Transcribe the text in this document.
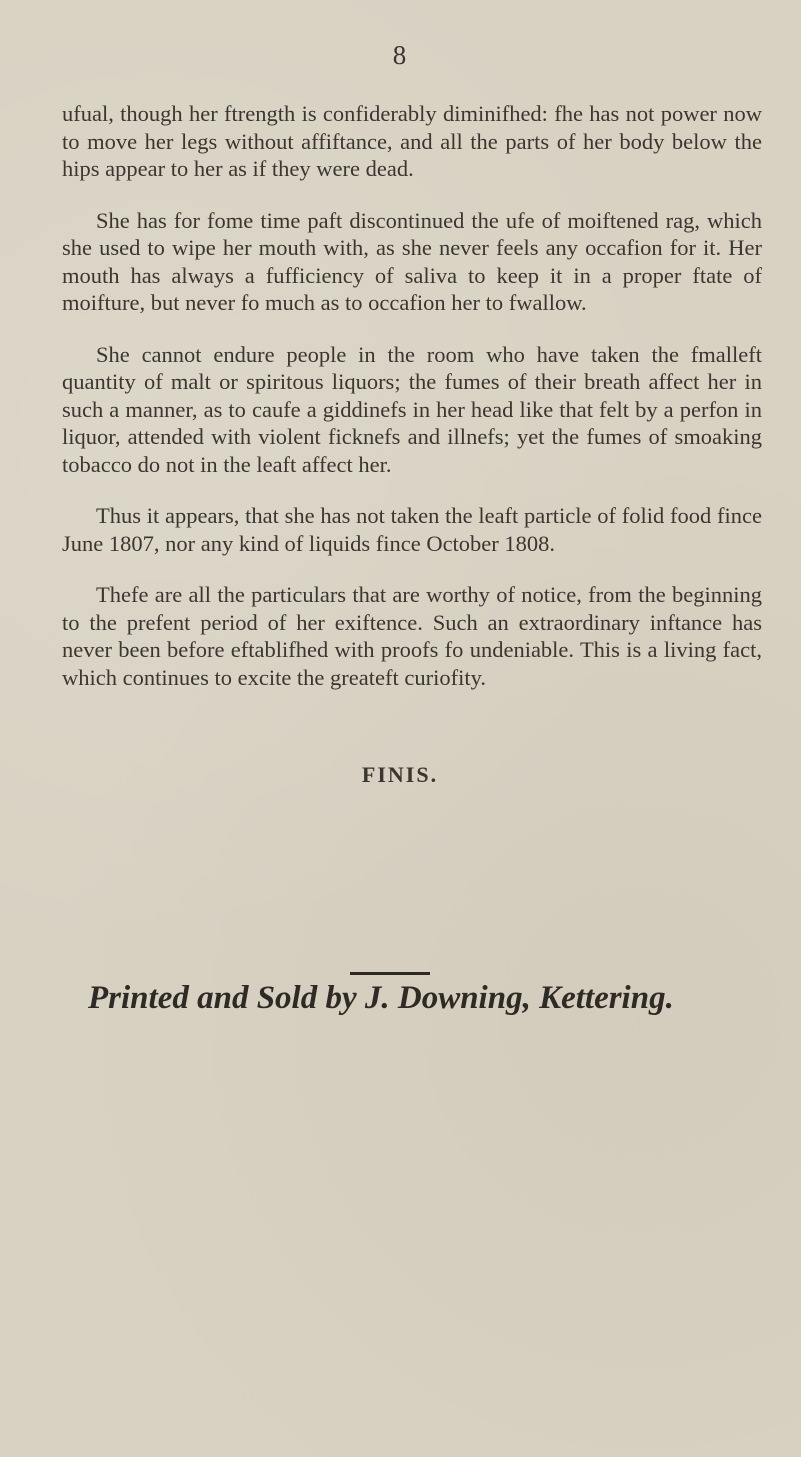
8

ufual, though her ftrength is confiderably diminifhed: fhe has not power now to move her legs without affiftance, and all the parts of her body below the hips appear to her as if they were dead.

She has for fome time paft discontinued the ufe of moiftened rag, which she used to wipe her mouth with, as she never feels any occafion for it. Her mouth has always a fufficiency of saliva to keep it in a proper ftate of moifture, but never fo much as to occafion her to fwallow.

She cannot endure people in the room who have taken the fmalleft quantity of malt or spiritous liquors; the fumes of their breath affect her in such a manner, as to caufe a giddinefs in her head like that felt by a perfon in liquor, attended with violent ficknefs and illnefs; yet the fumes of smoaking tobacco do not in the leaft affect her.

Thus it appears, that she has not taken the leaft particle of folid food fince June 1807, nor any kind of liquids fince October 1808.

Thefe are all the particulars that are worthy of notice, from the beginning to the prefent period of her exiftence. Such an extraordinary inftance has never been before eftablifhed with proofs fo undeniable. This is a living fact, which continues to excite the greateft curiofity.

FINIS.
Printed and Sold by J. Downing, Kettering.
